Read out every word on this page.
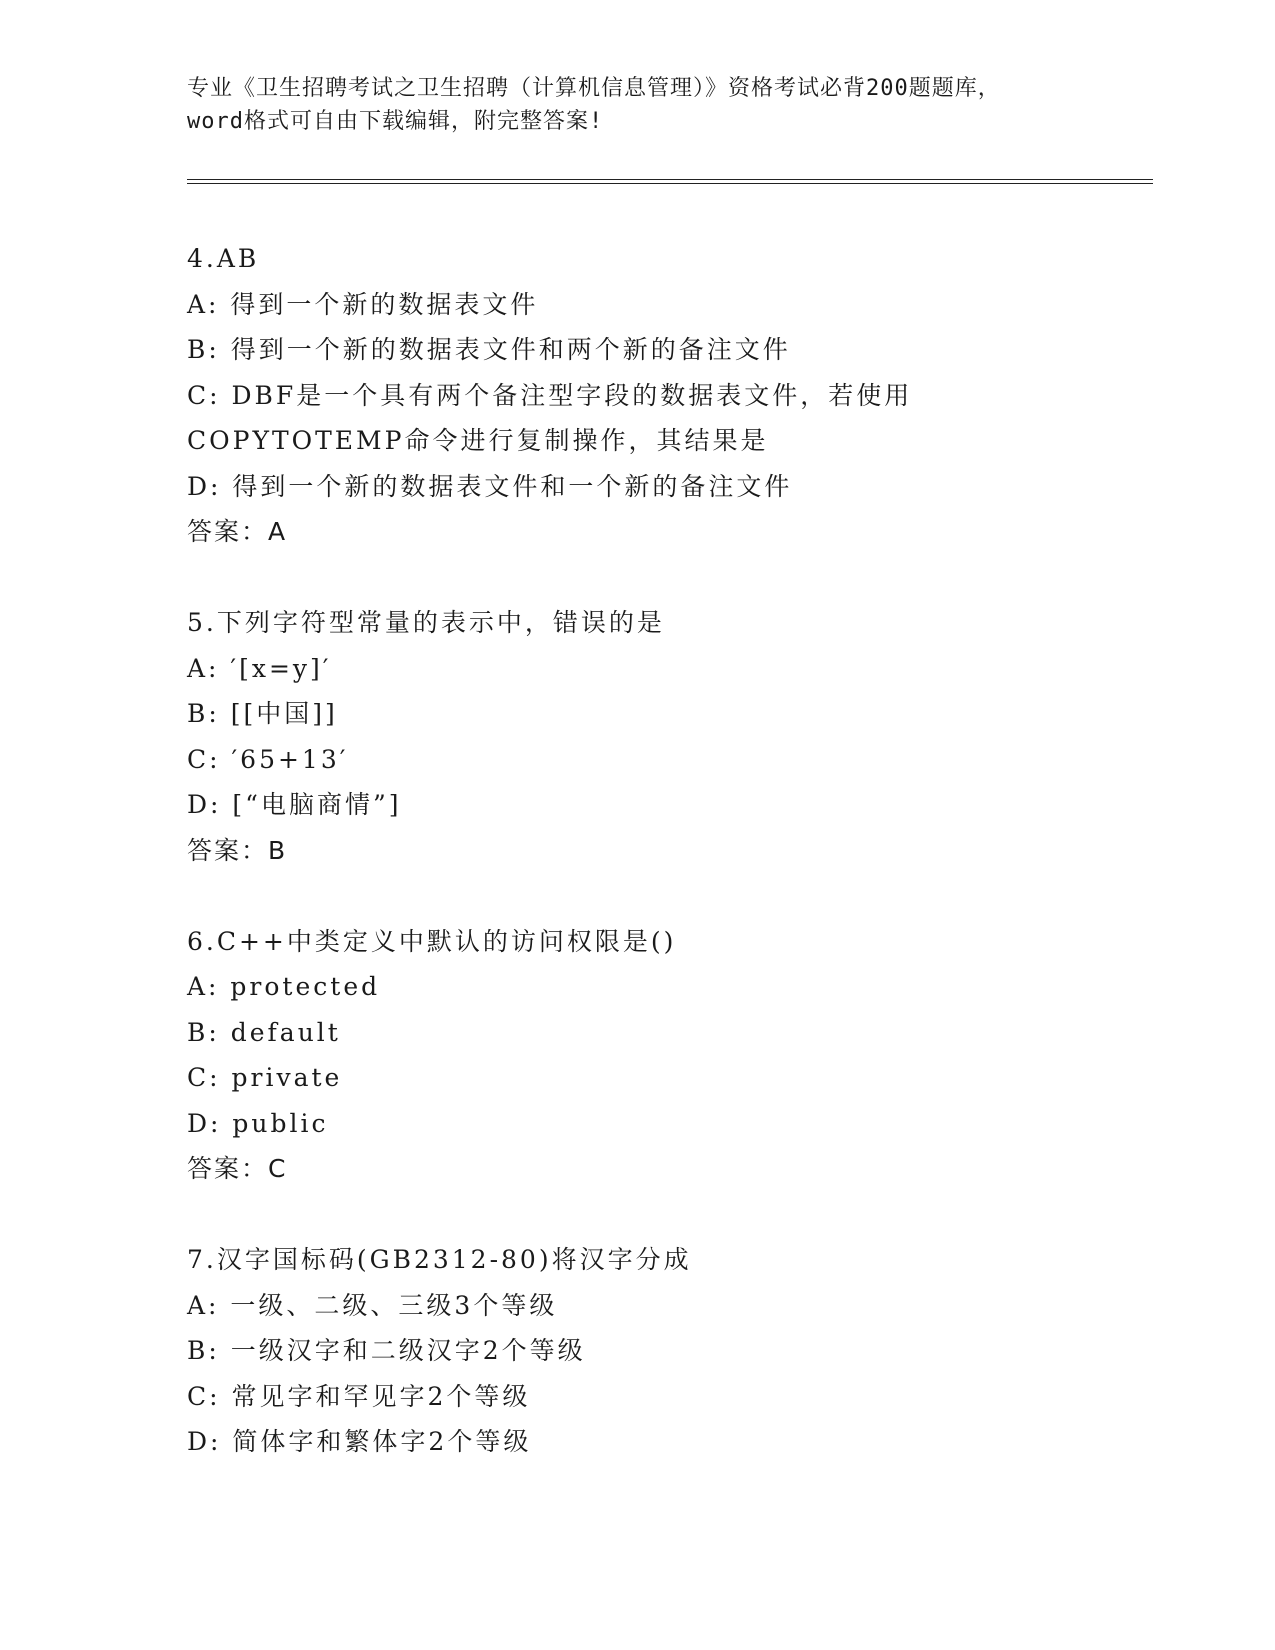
专业《卫生招聘考试之卫生招聘（计算机信息管理）》资格考试必背200题题库，
word格式可自由下载编辑，附完整答案!
4.AB
A: 得到一个新的数据表文件
B: 得到一个新的数据表文件和两个新的备注文件
C: DBF是一个具有两个备注型字段的数据表文件，若使用COPYTOTEMP命令进行复制操作，其结果是
D: 得到一个新的数据表文件和一个新的备注文件
答案：A
5.下列字符型常量的表示中，错误的是
A: ′[x=y]′
B: [[中国]]
C: ′65+13′
D: [“电脑商情”]
答案：B
6.C++中类定义中默认的访问权限是()
A: protected
B: default
C: private
D: public
答案：C
7.汉字国标码(GB2312-80)将汉字分成
A: 一级、二级、三级3个等级
B: 一级汉字和二级汉字2个等级
C: 常见字和罕见字2个等级
D: 简体字和繁体字2个等级
